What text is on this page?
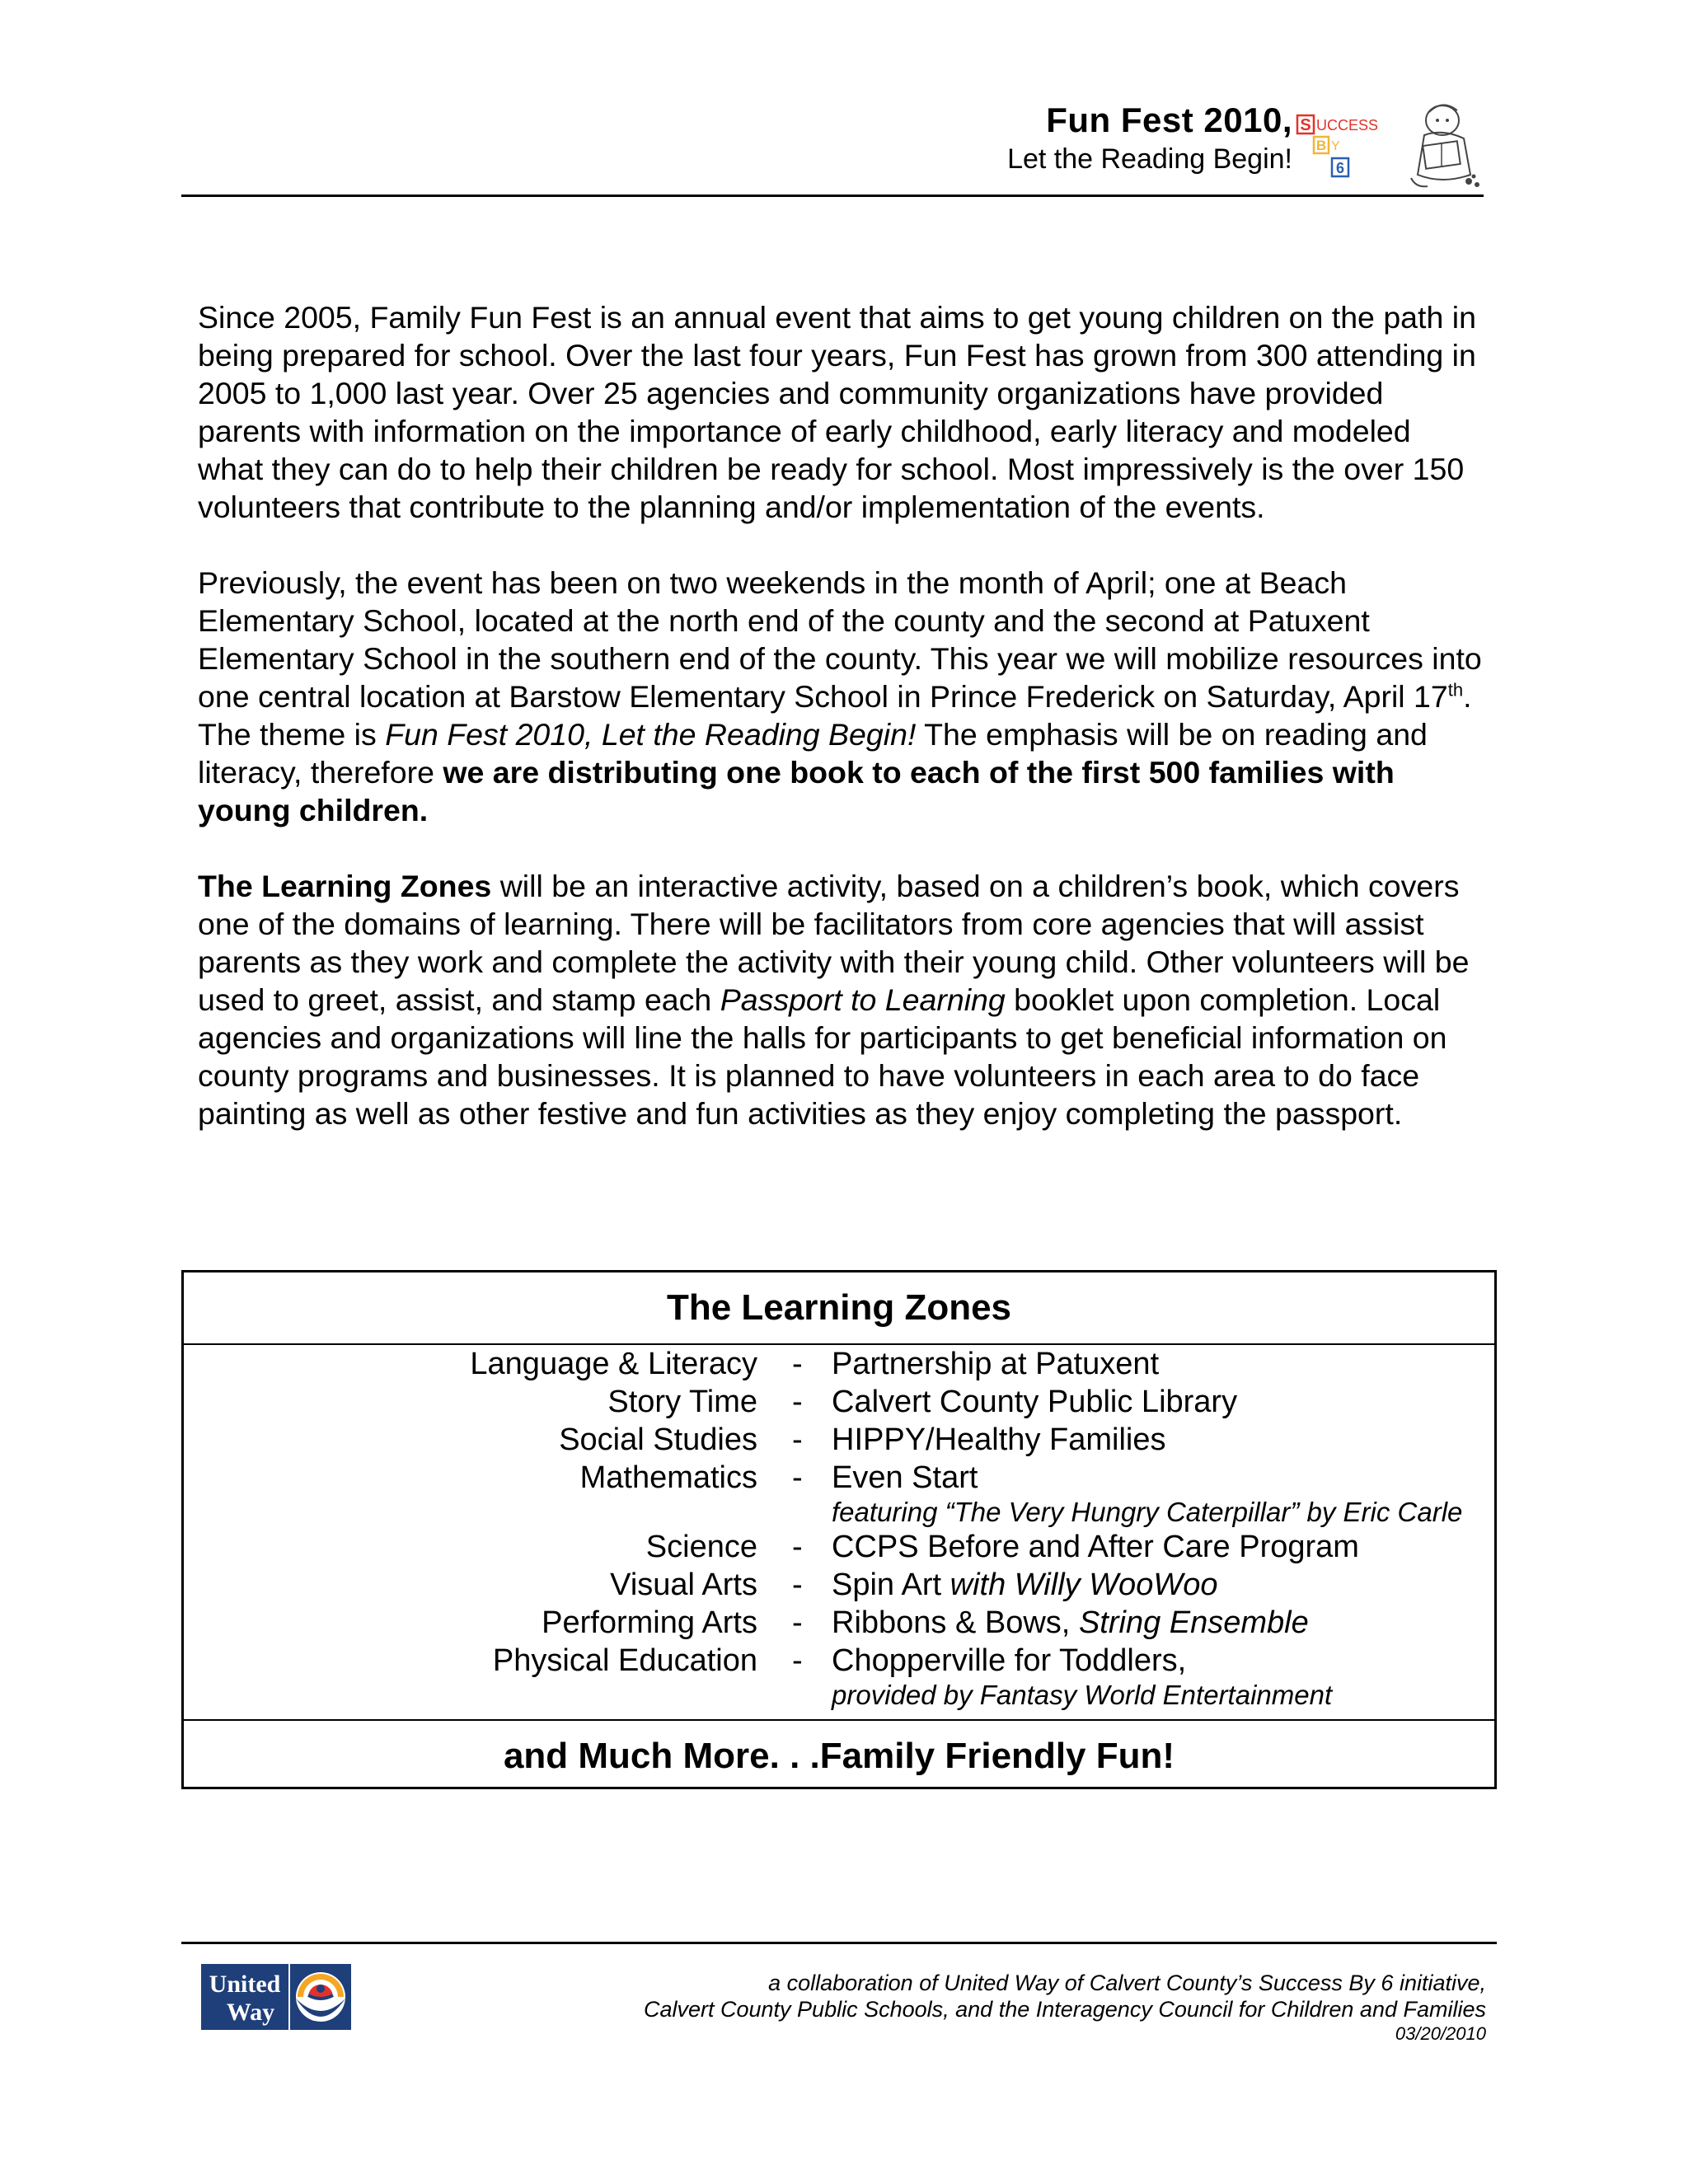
Fun Fest 2010,
Let the Reading Begin!
S UCCESS
B Y
6

Since 2005, Family Fun Fest is an annual event that aims to get young children on the path in being prepared for school. Over the last four years, Fun Fest has grown from 300 attending in 2005 to 1,000 last year. Over 25 agencies and community organizations have provided parents with information on the importance of early childhood, early literacy and modeled what they can do to help their children be ready for school. Most impressively is the over 150 volunteers that contribute to the planning and/or implementation of the events.

Previously, the event has been on two weekends in the month of April; one at Beach Elementary School, located at the north end of the county and the second at Patuxent Elementary School in the southern end of the county. This year we will mobilize resources into one central location at Barstow Elementary School in Prince Frederick on Saturday, April 17th. The theme is Fun Fest 2010, Let the Reading Begin! The emphasis will be on reading and literacy, therefore we are distributing one book to each of the first 500 families with young children.

The Learning Zones will be an interactive activity, based on a children’s book, which covers one of the domains of learning. There will be facilitators from core agencies that will assist parents as they work and complete the activity with their young child. Other volunteers will be used to greet, assist, and stamp each Passport to Learning booklet upon completion. Local agencies and organizations will line the halls for participants to get beneficial information on county programs and businesses. It is planned to have volunteers in each area to do face painting as well as other festive and fun activities as they enjoy completing the passport.

The Learning Zones
Language & Literacy - Partnership at Patuxent
Story Time - Calvert County Public Library
Social Studies - HIPPY/Healthy Families
Mathematics - Even Start
featuring “The Very Hungry Caterpillar” by Eric Carle
Science - CCPS Before and After Care Program
Visual Arts - Spin Art with Willy WooWoo
Performing Arts - Ribbons & Bows, String Ensemble
Physical Education - Chopperville for Toddlers,
provided by Fantasy World Entertainment
and Much More. . .Family Friendly Fun!
United
Way
a collaboration of United Way of Calvert County’s Success By 6 initiative,
Calvert County Public Schools, and the Interagency Council for Children and Families
03/20/2010
